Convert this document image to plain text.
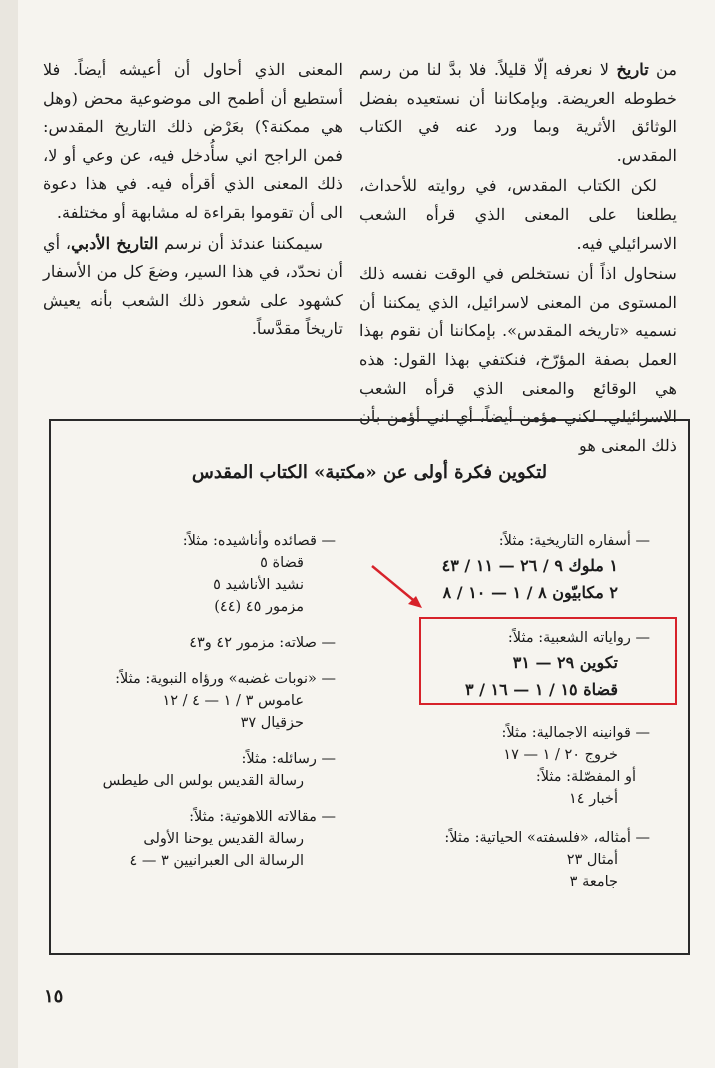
من تاريخ لا نعرفه إلّا قليلاً. فلا بدَّ لنا من رسم خطوطه العريضة. وبإمكاننا أن نستعيده بفضل الوثائق الأثرية وبما ورد عنه في الكتاب المقدس.

لكن الكتاب المقدس، في روايته للأحداث، يطلعنا على المعنى الذي قرأه الشعب الاسرائيلي فيه.

سنحاول اذاً أن نستخلص في الوقت نفسه ذلك المستوى من المعنى لاسرائيل، الذي يمكننا أن نسميه «تاريخه المقدس». بإمكاننا أن نقوم بهذا العمل بصفة المؤرّخ، فنكتفي بهذا القول: هذه هي الوقائع والمعنى الذي قرأه الشعب الاسرائيلي. لكني مؤمن أيضاً، أي اني أؤمن بأن ذلك المعنى هو

المعنى الذي أحاول أن أعيشه أيضاً. فلا أستطيع أن أطمح الى موضوعية محض (وهل هي ممكنة؟) بعَرْض ذلك التاريخ المقدس: فمن الراجح اني سأُدخل فيه، عن وعي أو لا، ذلك المعنى الذي أقرأه فيه. في هذا دعوة الى أن تقوموا بقراءة له مشابهة أو مختلفة.

سيمكننا عندئذ أن نرسم التاريخ الأدبي، أي أن نحدّد، في هذا السير، وضعَ كل من الأسفار كشهود على شعور ذلك الشعب بأنه يعيش تاريخاً مقدَّساً.

لتكوين فكرة أولى عن «مكتبة» الكتاب المقدس
— أسفاره التاريخية: مثلاً:
١ ملوك ٩ / ٢٦ — ١١ / ٤٣
٢ مكابيّون ٨ / ١ — ١٠ / ٨
— رواياته الشعبية: مثلاً:
تكوين ٢٩ — ٣١
قضاة ١٥ / ١ — ١٦ / ٣
— قوانينه الاجمالية: مثلاً:
خروج ٢٠ / ١ — ١٧
أو المفصّلة: مثلاً:
أخبار ١٤
— أمثاله، «فلسفته» الحياتية: مثلاً:
أمثال ٢٣
جامعة ٣
— قصائده وأناشيده: مثلاً:
قضاة ٥
نشيد الأناشيد ٥
مزمور ٤٥ (٤٤)
— صلاته: مزمور ٤٢ و٤٣
— «نوبات غضبه» ورؤاه النبوية: مثلاً:
عاموس ٣ / ١ — ٤ / ١٢
حزقيال ٣٧
— رسائله: مثلاً:
رسالة القديس بولس الى طيطس
— مقالاته اللاهوتية: مثلاً:
رسالة القديس يوحنا الأولى
الرسالة الى العبرانيين ٣ — ٤
١٥
